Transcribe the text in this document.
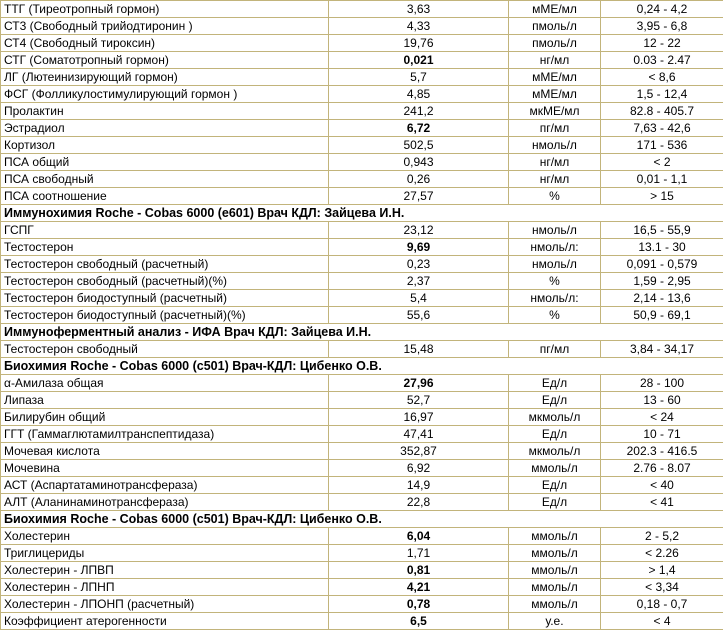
ТТГ (Тиреотропный гормон)	3,63	мМЕ/мл	0,24 - 4,2
СТ3 (Свободный трийодтиронин )	4,33	пмоль/л	3,95 - 6,8
СТ4 (Свободный тироксин)	19,76	пмоль/л	12 - 22
СТГ (Соматотропный гормон)	0,021	нг/мл	0.03 - 2.47
ЛГ (Лютеинизирующий гормон)	5,7	мМЕ/мл	< 8,6
ФСГ (Фолликулостимулирующий гормон )	4,85	мМЕ/мл	1,5 - 12,4
Пролактин	241,2	мкМЕ/мл	82.8 - 405.7
Эстрадиол	6,72	пг/мл	7,63 - 42,6
Кортизол	502,5	нмоль/л	171 - 536
ПСА общий	0,943	нг/мл	< 2
ПСА свободный	0,26	нг/мл	0,01 - 1,1
ПСА соотношение	27,57	%	> 15
Иммунохимия Roche - Cobas 6000 (e601) Врач КДЛ: Зайцева И.Н.			
ГСПГ	23,12	нмоль/л	16,5 - 55,9
Тестостерон	9,69	нмоль/л:	13.1 - 30
Тестостерон свободный (расчетный)	0,23	нмоль/л	0,091 - 0,579
Тестостерон свободный (расчетный)(%)	2,37	%	1,59 - 2,95
Тестостерон биодоступный (расчетный)	5,4	нмоль/л:	2,14 - 13,6
Тестостерон биодоступный (расчетный)(%)	55,6	%	50,9 - 69,1
Иммуноферментный анализ - ИФА Врач КДЛ: Зайцева И.Н.			
Тестостерон свободный	15,48	пг/мл	3,84 - 34,17
Биохимия Roche - Cobas 6000 (c501) Врач-КДЛ: Цибенко О.В.			
α-Амилаза общая	27,96	Ед/л	28 - 100
Липаза	52,7	Ед/л	13 - 60
Билирубин общий	16,97	мкмоль/л	< 24
ГГТ (Гаммаглютамилтранспептидаза)	47,41	Ед/л	10 - 71
Мочевая кислота	352,87	мкмоль/л	202.3 - 416.5
Мочевина	6,92	ммоль/л	2.76 - 8.07
АСТ (Аспартатаминотрансфераза)	14,9	Ед/л	< 40
АЛТ (Аланинаминотрансфераза)	22,8	Ед/л	< 41
Биохимия Roche - Cobas 6000 (c501) Врач-КДЛ: Цибенко О.В.			
Холестерин	6,04	ммоль/л	2 - 5,2
Триглицериды	1,71	ммоль/л	< 2.26
Холестерин - ЛПВП	0,81	ммоль/л	> 1,4
Холестерин - ЛПНП	4,21	ммоль/л	< 3,34
Холестерин - ЛПОНП (расчетный)	0,78	ммоль/л	0,18 - 0,7
Коэффициент атерогенности	6,5	у.е.	< 4
